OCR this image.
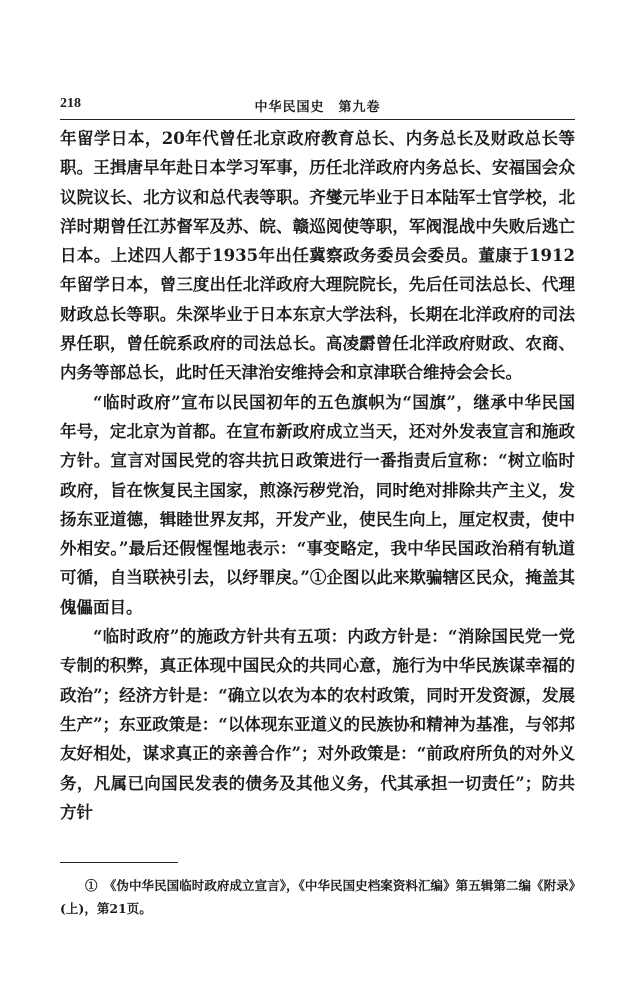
218	中华民国史　第九卷

年留学日本，20年代曾任北京政府教育总长、内务总长及财政总长等职。王揖唐早年赴日本学习军事，历任北洋政府内务总长、安福国会众议院议长、北方议和总代表等职。齐燮元毕业于日本陆军士官学校，北洋时期曾任江苏督军及苏、皖、赣巡阅使等职，军阀混战中失败后逃亡日本。上述四人都于1935年出任冀察政务委员会委员。董康于1912年留学日本，曾三度出任北洋政府大理院院长，先后任司法总长、代理财政总长等职。朱深毕业于日本东京大学法科，长期在北洋政府的司法界任职，曾任皖系政府的司法总长。高凌霨曾任北洋政府财政、农商、内务等部总长，此时任天津治安维持会和京津联合维持会会长。

“临时政府”宣布以民国初年的五色旗帜为“国旗”，继承中华民国年号，定北京为首都。在宣布新政府成立当天，还对外发表宣言和施政方针。宣言对国民党的容共抗日政策进行一番指责后宣称：“树立临时政府，旨在恢复民主国家，煎涤污秽党治，同时绝对排除共产主义，发扬东亚道德，辑睦世界友邦，开发产业，使民生向上，厘定权责，使中外相安。”最后还假惺惺地表示：“事变略定，我中华民国政治稍有轨道可循，自当联袂引去，以纾罪戾。”①企图以此来欺骗辖区民众，掩盖其傀儡面目。

“临时政府”的施政方针共有五项：内政方针是：“消除国民党一党专制的积弊，真正体现中国民众的共同心意，施行为中华民族谋幸福的政治”；经济方针是：“确立以农为本的农村政策，同时开发资源，发展生产”；东亚政策是：“以体现东亚道义的民族协和精神为基准，与邻邦友好相处，谋求真正的亲善合作”；对外政策是：“前政府所负的对外义务，凡属已向国民发表的债务及其他义务，代其承担一切责任”；防共方针

①　《伪中华民国临时政府成立宣言》，《中华民国史档案资料汇编》第五辑第二编《附录》(上)，第21页。
